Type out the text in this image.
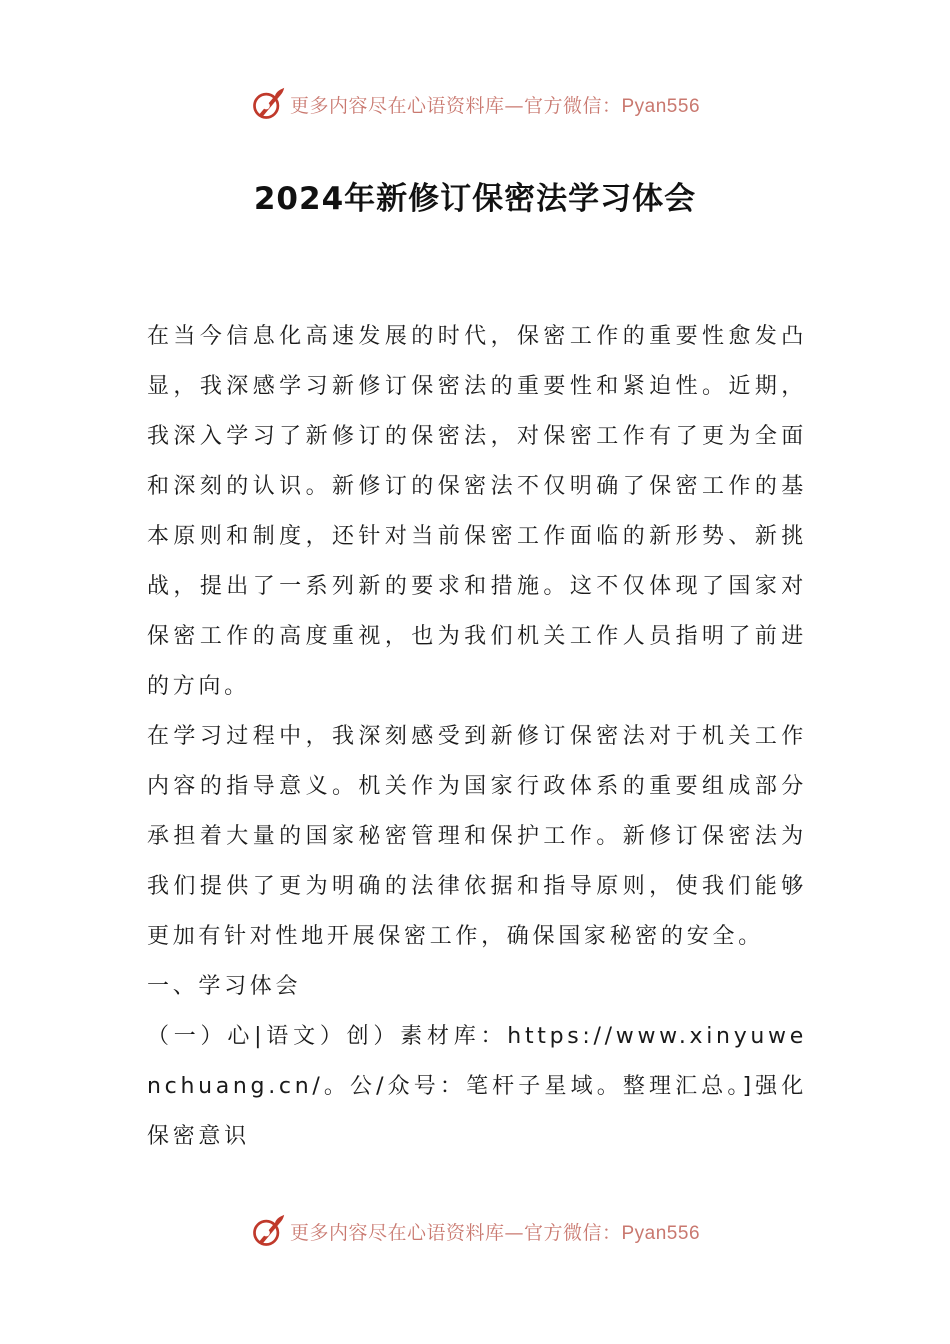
更多内容尽在心语资料库—官方微信：Pyan556
2024年新修订保密法学习体会

在当今信息化高速发展的时代，保密工作的重要性愈发凸显，我深感学习新修订保密法的重要性和紧迫性。近期，我深入学习了新修订的保密法，对保密工作有了更为全面和深刻的认识。新修订的保密法不仅明确了保密工作的基本原则和制度，还针对当前保密工作面临的新形势、新挑战，提出了一系列新的要求和措施。这不仅体现了国家对保密工作的高度重视，也为我们机关工作人员指明了前进的方向。

在学习过程中，我深刻感受到新修订保密法对于机关工作内容的指导意义。机关作为国家行政体系的重要组成部分承担着大量的国家秘密管理和保护工作。新修订保密法为我们提供了更为明确的法律依据和指导原则，使我们能够更加有针对性地开展保密工作，确保国家秘密的安全。

一、学习体会

（一）心|语文）创）素材库：https://www.xinyuwenchuang.cn/。公/众号：笔杆子星域。整理汇总。]强化保密意识

更多内容尽在心语资料库—官方微信：Pyan556
